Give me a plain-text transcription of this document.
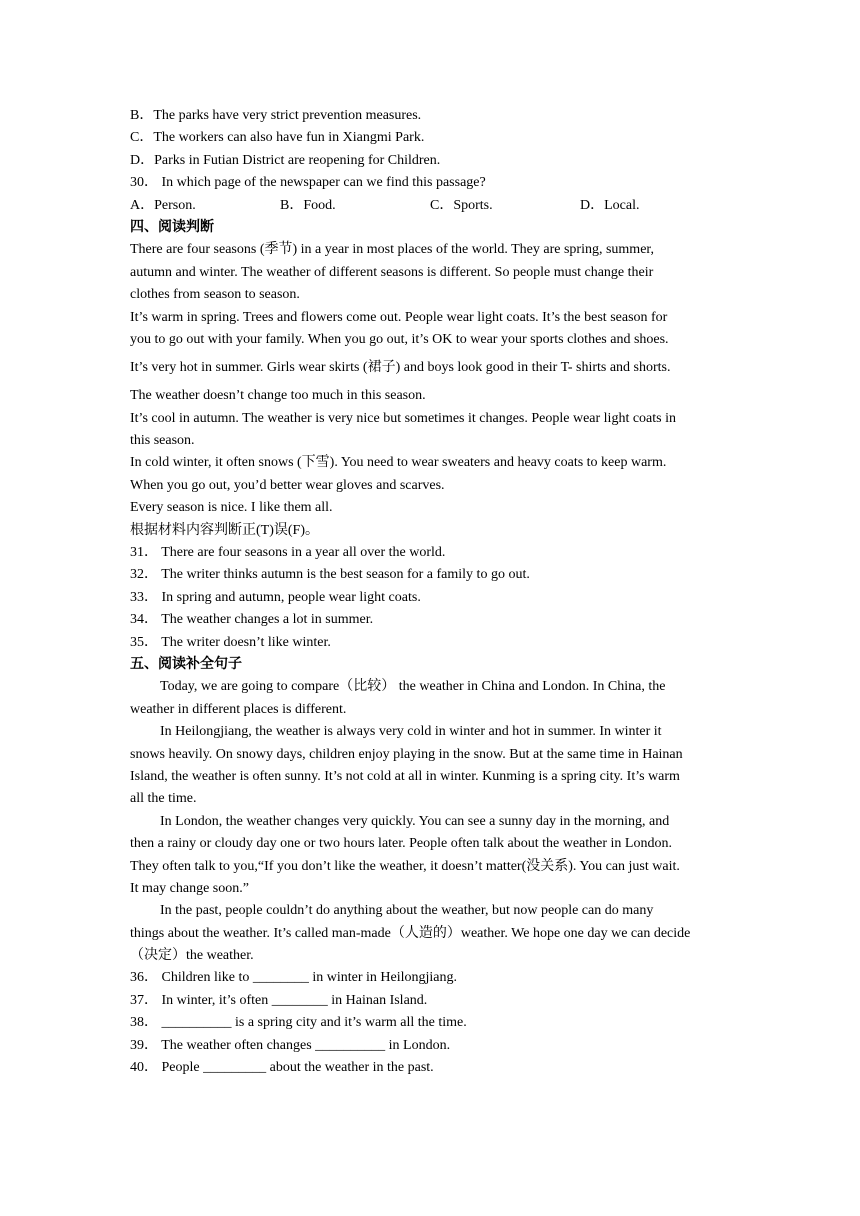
B．The parks have very strict prevention measures.
C．The workers can also have fun in Xiangmi Park.
D．Parks in Futian District are reopening for Children.
30． In which page of the newspaper can we find this passage?
A．Person.	B．Food.	C．Sports.	D．Local.
四、阅读判断
There are four seasons (季节) in a year in most places of the world. They are spring, summer,
autumn and winter. The weather of different seasons is different. So people must change their
clothes from season to season.
It’s warm in spring. Trees and flowers come out. People wear light coats. It’s the best season for
you to go out with your family. When you go out, it’s OK to wear your sports clothes and shoes.
It’s very hot in summer. Girls wear skirts (裙子) and boys look good in their T- shirts and shorts.
The weather doesn’t change too much in this season.
It’s cool in autumn. The weather is very nice but sometimes it changes. People wear light coats in
this season.
In cold winter, it often snows (下雪). You need to wear sweaters and heavy coats to keep warm.
When you go out, you’d better wear gloves and scarves.
Every season is nice. I like them all.
根据材料内容判断正(T)误(F)。
31． There are four seasons in a year all over the world.
32． The writer thinks autumn is the best season for a family to go out.
33． In spring and autumn, people wear light coats.
34． The weather changes a lot in summer.
35． The writer doesn’t like winter.
五、阅读补全句子
Today, we are going to compare（比较） the weather in China and London. In China, the
weather in different places is different.
In Heilongjiang, the weather is always very cold in winter and hot in summer. In winter it
snows heavily. On snowy days, children enjoy playing in the snow. But at the same time in Hainan
Island, the weather is often sunny. It’s not cold at all in winter. Kunming is a spring city. It’s warm
all the time.
In London, the weather changes very quickly. You can see a sunny day in the morning, and
then a rainy or cloudy day one or two hours later. People often talk about the weather in London.
They often talk to you,“If you don’t like the weather, it doesn’t matter(没关系). You can just wait.
It may change soon.”
In the past, people couldn’t do anything about the weather, but now people can do many
things about the weather. It’s called man-made（人造的）weather. We hope one day we can decide
（决定）the weather.
36． Children like to ________ in winter in Heilongjiang.
37． In winter, it’s often ________ in Hainan Island.
38． __________ is a spring city and it’s warm all the time.
39． The weather often changes __________ in London.
40． People _________ about the weather in the past.
